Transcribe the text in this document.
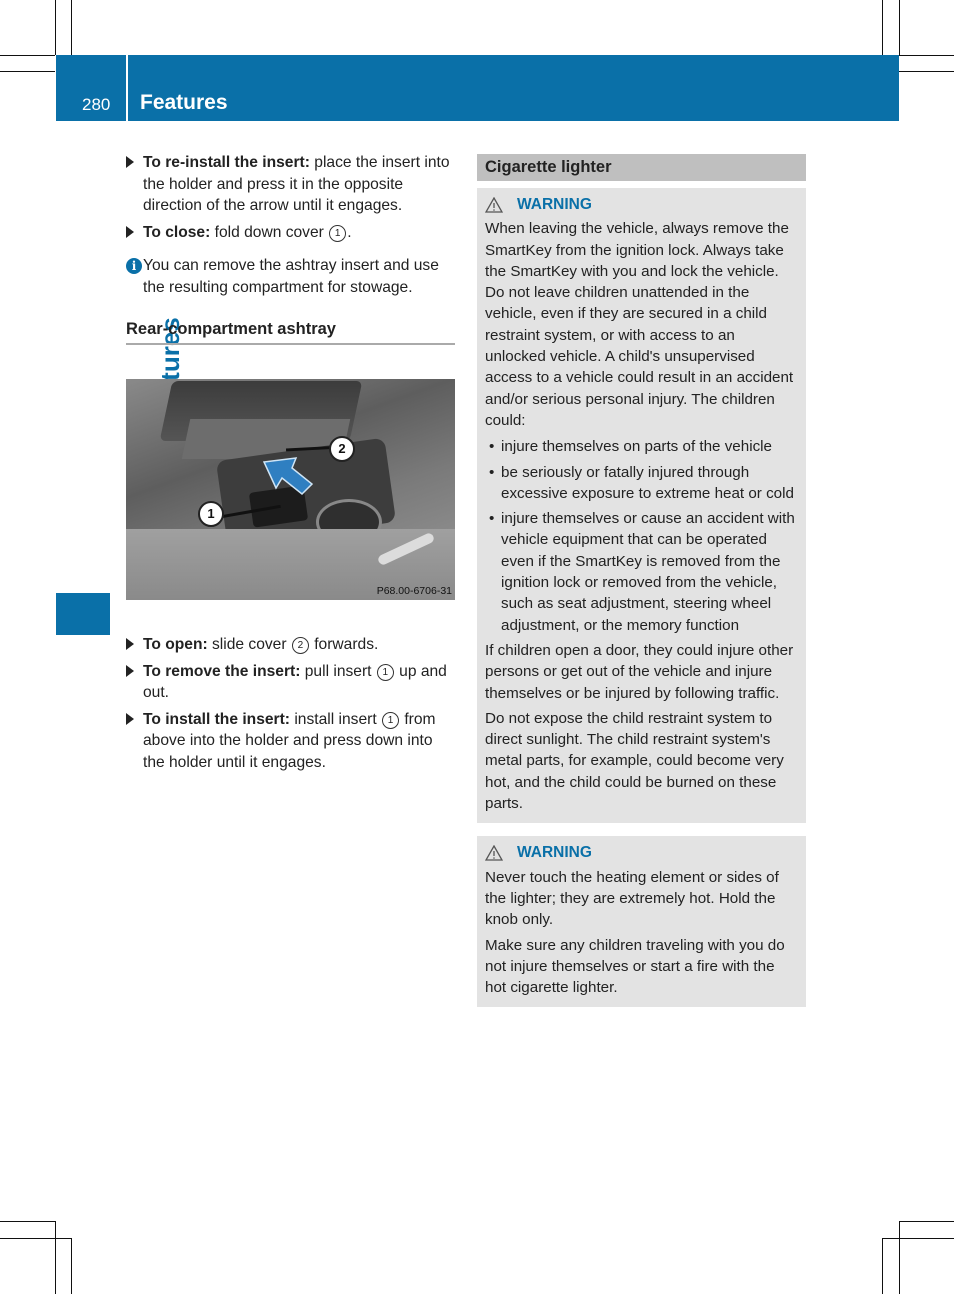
280 Features
To re-install the insert: place the insert into the holder and press it in the opposite direction of the arrow until it engages.
To close: fold down cover 1 .
i You can remove the ashtray insert and use the resulting compartment for stowage.
Rear-compartment ashtray
1
2
P68.00-6706-31
To open: slide cover 2 forwards.
To remove the insert: pull insert 1 up and out.
To install the insert: install insert 1 from above into the holder and press down into the holder until it engages.
Cigarette lighter
WARNING

When leaving the vehicle, always remove the SmartKey from the ignition lock. Always take the SmartKey with you and lock the vehicle. Do not leave children unattended in the vehicle, even if they are secured in a child restraint system, or with access to an unlocked vehicle. A child's unsupervised access to a vehicle could result in an accident and/or serious personal injury. The children could:

• injure themselves on parts of the vehicle
• be seriously or fatally injured through excessive exposure to extreme heat or cold
• injure themselves or cause an accident with vehicle equipment that can be operated even if the SmartKey is removed from the ignition lock or removed from the vehicle, such as seat adjustment, steering wheel adjustment, or the memory function

If children open a door, they could injure other persons or get out of the vehicle and injure themselves or be injured by following traffic.

Do not expose the child restraint system to direct sunlight. The child restraint system's metal parts, for example, could become very hot, and the child could be burned on these parts.

WARNING

Never touch the heating element or sides of the lighter; they are extremely hot. Hold the knob only.

Make sure any children traveling with you do not injure themselves or start a fire with the hot cigarette lighter.
